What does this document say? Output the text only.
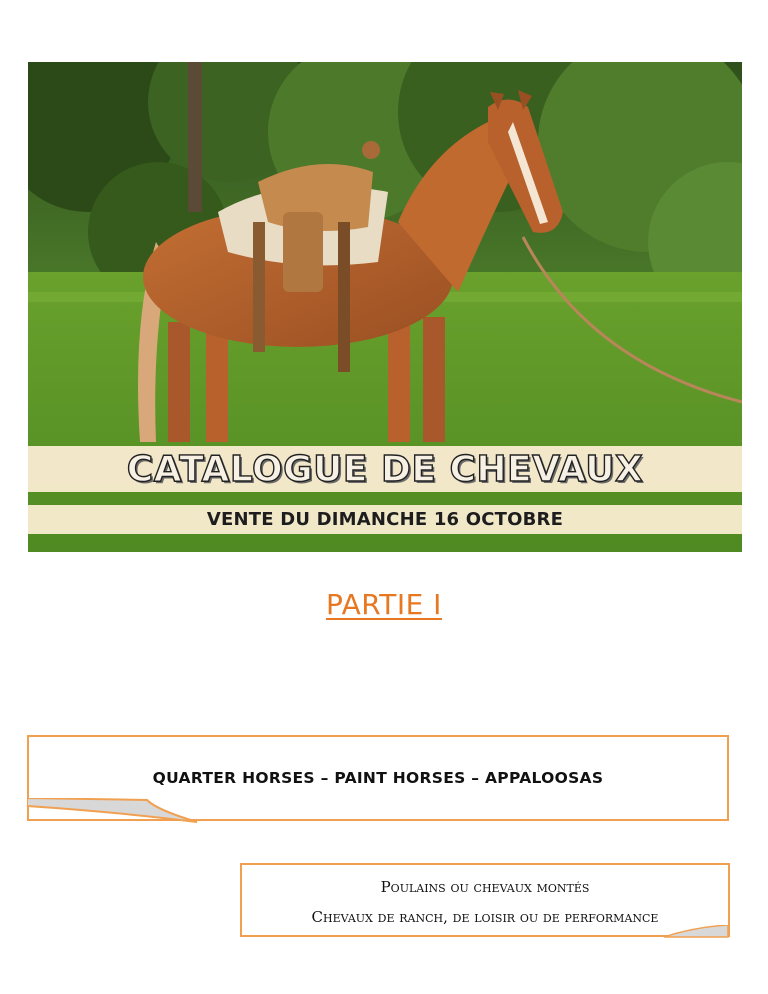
CATALOGUE DE CHEVAUX
VENTE DU DIMANCHE 16 OCTOBRE
PARTIE I
QUARTER HORSES – PAINT HORSES – APPALOOSAS
Poulains ou chevaux montés
Chevaux de ranch, de loisir ou de performance
